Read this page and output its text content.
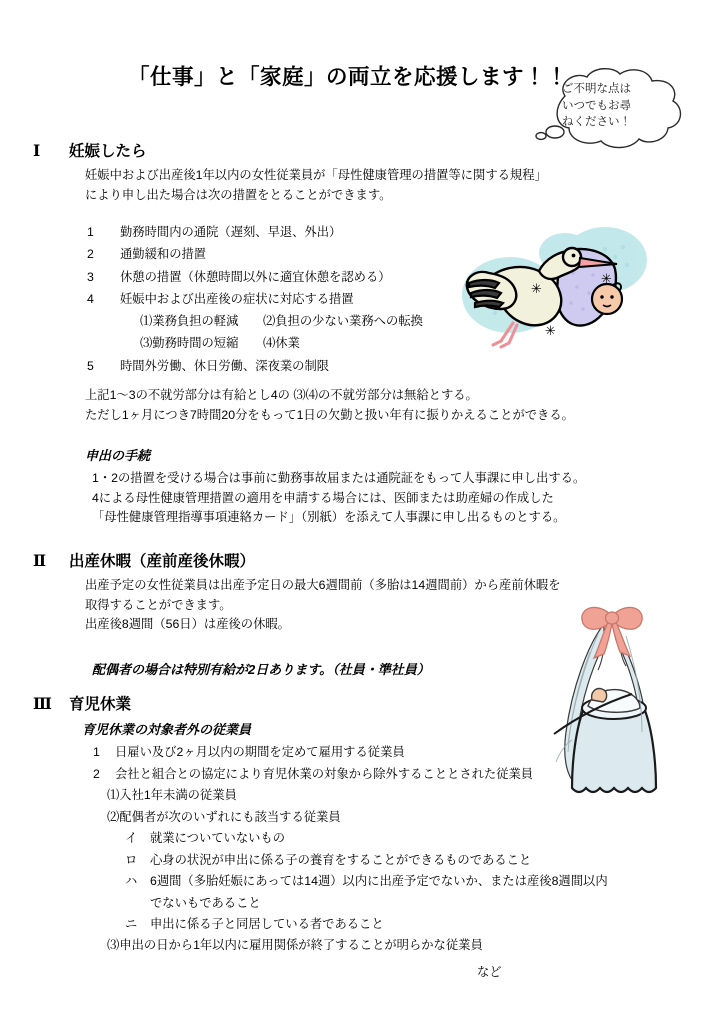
「仕事」と「家庭」の両立を応援します！！
ご不明な点は
いつでもお尋
ねください！
✳
✳
✳
Ⅰ 妊娠したら
妊娠中および出産後1年以内の女性従業員が「母性健康管理の措置等に関する規程」
により申し出た場合は次の措置をとることができます。
1 勤務時間内の通院（遅刻、早退、外出）
2 通勤緩和の措置
3 休憩の措置（休憩時間以外に適宜休憩を認める）
4 妊娠中および出産後の症状に対応する措置
⑴業務負担の軽減　　⑵負担の少ない業務への転換
⑶勤務時間の短縮　　⑷休業
5 時間外労働、休日労働、深夜業の制限
上記1～3の不就労部分は有給とし4の ⑶⑷の不就労部分は無給とする。
ただし1ヶ月につき7時間20分をもって1日の欠勤と扱い年有に振りかえることができる。
申出の手続
1・2の措置を受ける場合は事前に勤務事故届または通院証をもって人事課に申し出する。
4による母性健康管理措置の適用を申請する場合には、医師または助産婦の作成した
「母性健康管理指導事項連絡カード」（別紙）を添えて人事課に申し出るものとする。
Ⅱ 出産休暇（産前産後休暇）
出産予定の女性従業員は出産予定日の最大6週間前（多胎は14週間前）から産前休暇を
取得することができます。
出産後8週間（56日）は産後の休暇。
配偶者の場合は特別有給が2日あります。（社員・準社員）
Ⅲ 育児休業
育児休業の対象者外の従業員
1 日雇い及び2ヶ月以内の期間を定めて雇用する従業員
2 会社と組合との協定により育児休業の対象から除外することとされた従業員
⑴入社1年未満の従業員
⑵配偶者が次のいずれにも該当する従業員
イ 就業についていないもの
ロ 心身の状況が申出に係る子の養育をすることができるものであること
ハ 6週間（多胎妊娠にあっては14週）以内に出産予定でないか、または産後8週間以内
でないもであること
ニ 申出に係る子と同居している者であること
⑶申出の日から1年以内に雇用関係が終了することが明らかな従業員
など
